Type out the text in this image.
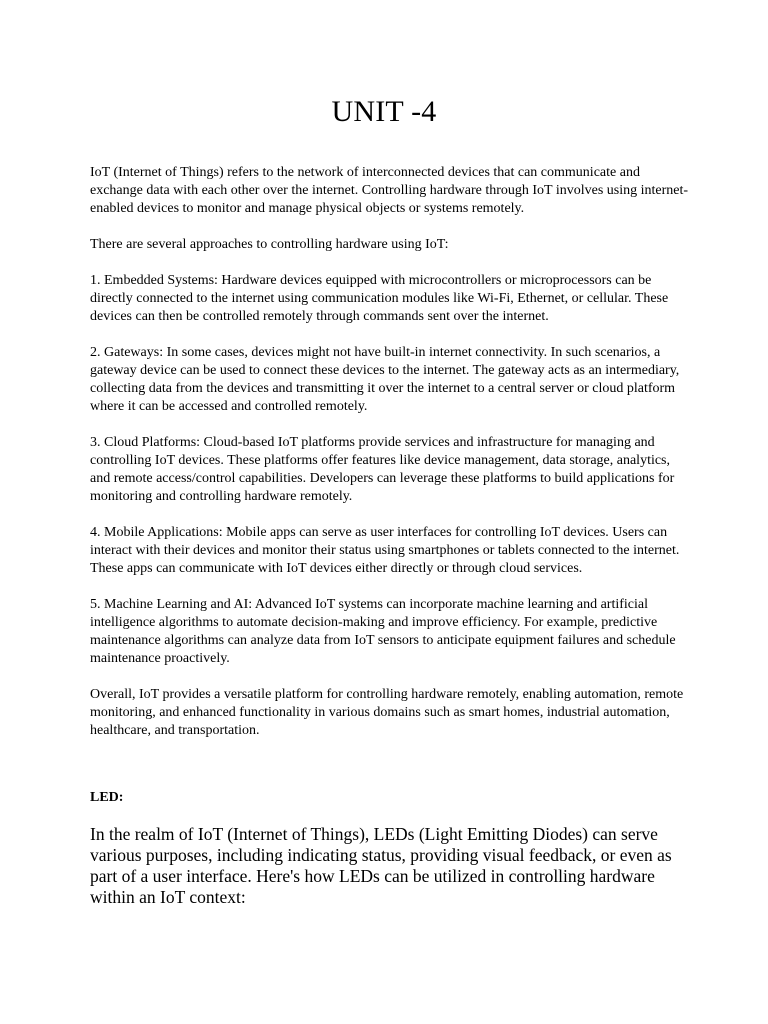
UNIT -4

IoT (Internet of Things) refers to the network of interconnected devices that can communicate and exchange data with each other over the internet. Controlling hardware through IoT involves using internet-enabled devices to monitor and manage physical objects or systems remotely.

There are several approaches to controlling hardware using IoT:

1. Embedded Systems: Hardware devices equipped with microcontrollers or microprocessors can be directly connected to the internet using communication modules like Wi-Fi, Ethernet, or cellular. These devices can then be controlled remotely through commands sent over the internet.

2. Gateways: In some cases, devices might not have built-in internet connectivity. In such scenarios, a gateway device can be used to connect these devices to the internet. The gateway acts as an intermediary, collecting data from the devices and transmitting it over the internet to a central server or cloud platform where it can be accessed and controlled remotely.

3. Cloud Platforms: Cloud-based IoT platforms provide services and infrastructure for managing and controlling IoT devices. These platforms offer features like device management, data storage, analytics, and remote access/control capabilities. Developers can leverage these platforms to build applications for monitoring and controlling hardware remotely.

4. Mobile Applications: Mobile apps can serve as user interfaces for controlling IoT devices. Users can interact with their devices and monitor their status using smartphones or tablets connected to the internet. These apps can communicate with IoT devices either directly or through cloud services.

5. Machine Learning and AI: Advanced IoT systems can incorporate machine learning and artificial intelligence algorithms to automate decision-making and improve efficiency. For example, predictive maintenance algorithms can analyze data from IoT sensors to anticipate equipment failures and schedule maintenance proactively.

Overall, IoT provides a versatile platform for controlling hardware remotely, enabling automation, remote monitoring, and enhanced functionality in various domains such as smart homes, industrial automation, healthcare, and transportation.

LED:

In the realm of IoT (Internet of Things), LEDs (Light Emitting Diodes) can serve various purposes, including indicating status, providing visual feedback, or even as part of a user interface. Here's how LEDs can be utilized in controlling hardware within an IoT context:
